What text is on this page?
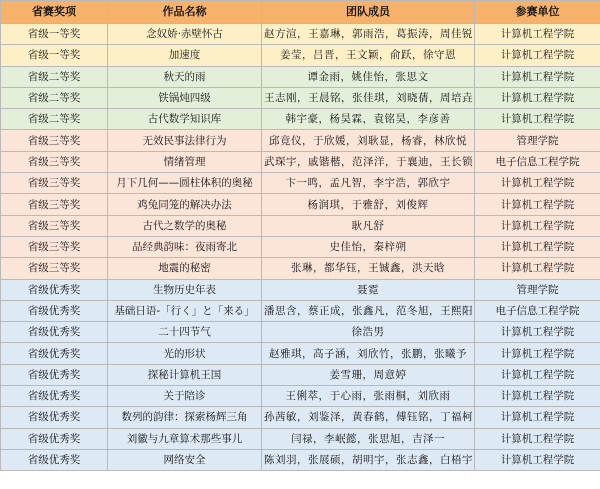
省赛奖项	作品名称	团队成员	参赛单位
省级一等奖	念奴娇·赤壁怀古	赵方渲，王嘉琳，郭雨浩，葛振涛，周佳锐	计算机工程学院
省级一等奖	加速度	姜莹，吕晋，王文颖，俞跃，徐守恩	计算机工程学院
省级二等奖	秋天的雨	谭金雨，姚佳怡，张思文	计算机工程学院
省级二等奖	铁锅炖四级	王志刚，王晨铭，张佳琪，刘晓蒨，周培垚	计算机工程学院
省级二等奖	古代数学知识库	韩宇豪，杨昊霖，袁铭昊，李彦善	计算机工程学院
省级三等奖	无效民事法律行为	邱竟仪，于欣媛，刘耿显，杨睿，林欣悦	管理学院
省级三等奖	情绪管理	武琛宇，戚锴楷，范泽洋，于襄迪，王长锁	电子信息工程学院
省级三等奖	月下几何——圆柱体积的奥秘	卞一鸣，孟凡智，李宇浩，郭欣宇	计算机工程学院
省级三等奖	鸡兔同笼的解决办法	杨润琪，于雅舒，刘俊辉	计算机工程学院
省级三等奖	古代之数学的奥秘	耿凡舒	计算机工程学院
省级三等奖	品经典韵味：夜雨寄北	史佳怡，秦梓朔	计算机工程学院
省级三等奖	地震的秘密	张琳，都华钰，王铖鑫，洪天晗	计算机工程学院
省级优秀奖	生物历史年表	聂霓	管理学院
省级优秀奖	基础日语-「行く」と「来る」	潘思含，蔡正成，张鑫凡，范冬旭，王熙阳	电子信息工程学院
省级优秀奖	二十四节气	徐浩男	计算机工程学院
省级优秀奖	光的形状	赵雅琪，高子涵，刘欣竹，张鹏，张曦予	计算机工程学院
省级优秀奖	探秘计算机王国	姜雪珊，周意婷	计算机工程学院
省级优秀奖	关于陪诊	王俐萃，于心雨，张雨桐，刘欣雨	计算机工程学院
省级优秀奖	数列的韵律：探索杨辉三角	孙茜敏，刘鉴泽，黄春鹤，傅钰铭，丁福柯	计算机工程学院
省级优秀奖	刘徽与九章算术那些事儿	闫禄，李岷懿，张思旭，吉泽一	计算机工程学院
省级优秀奖	网络安全	陈刘羽，张展硕，胡明宇，张志鑫，白梧宇	计算机工程学院
